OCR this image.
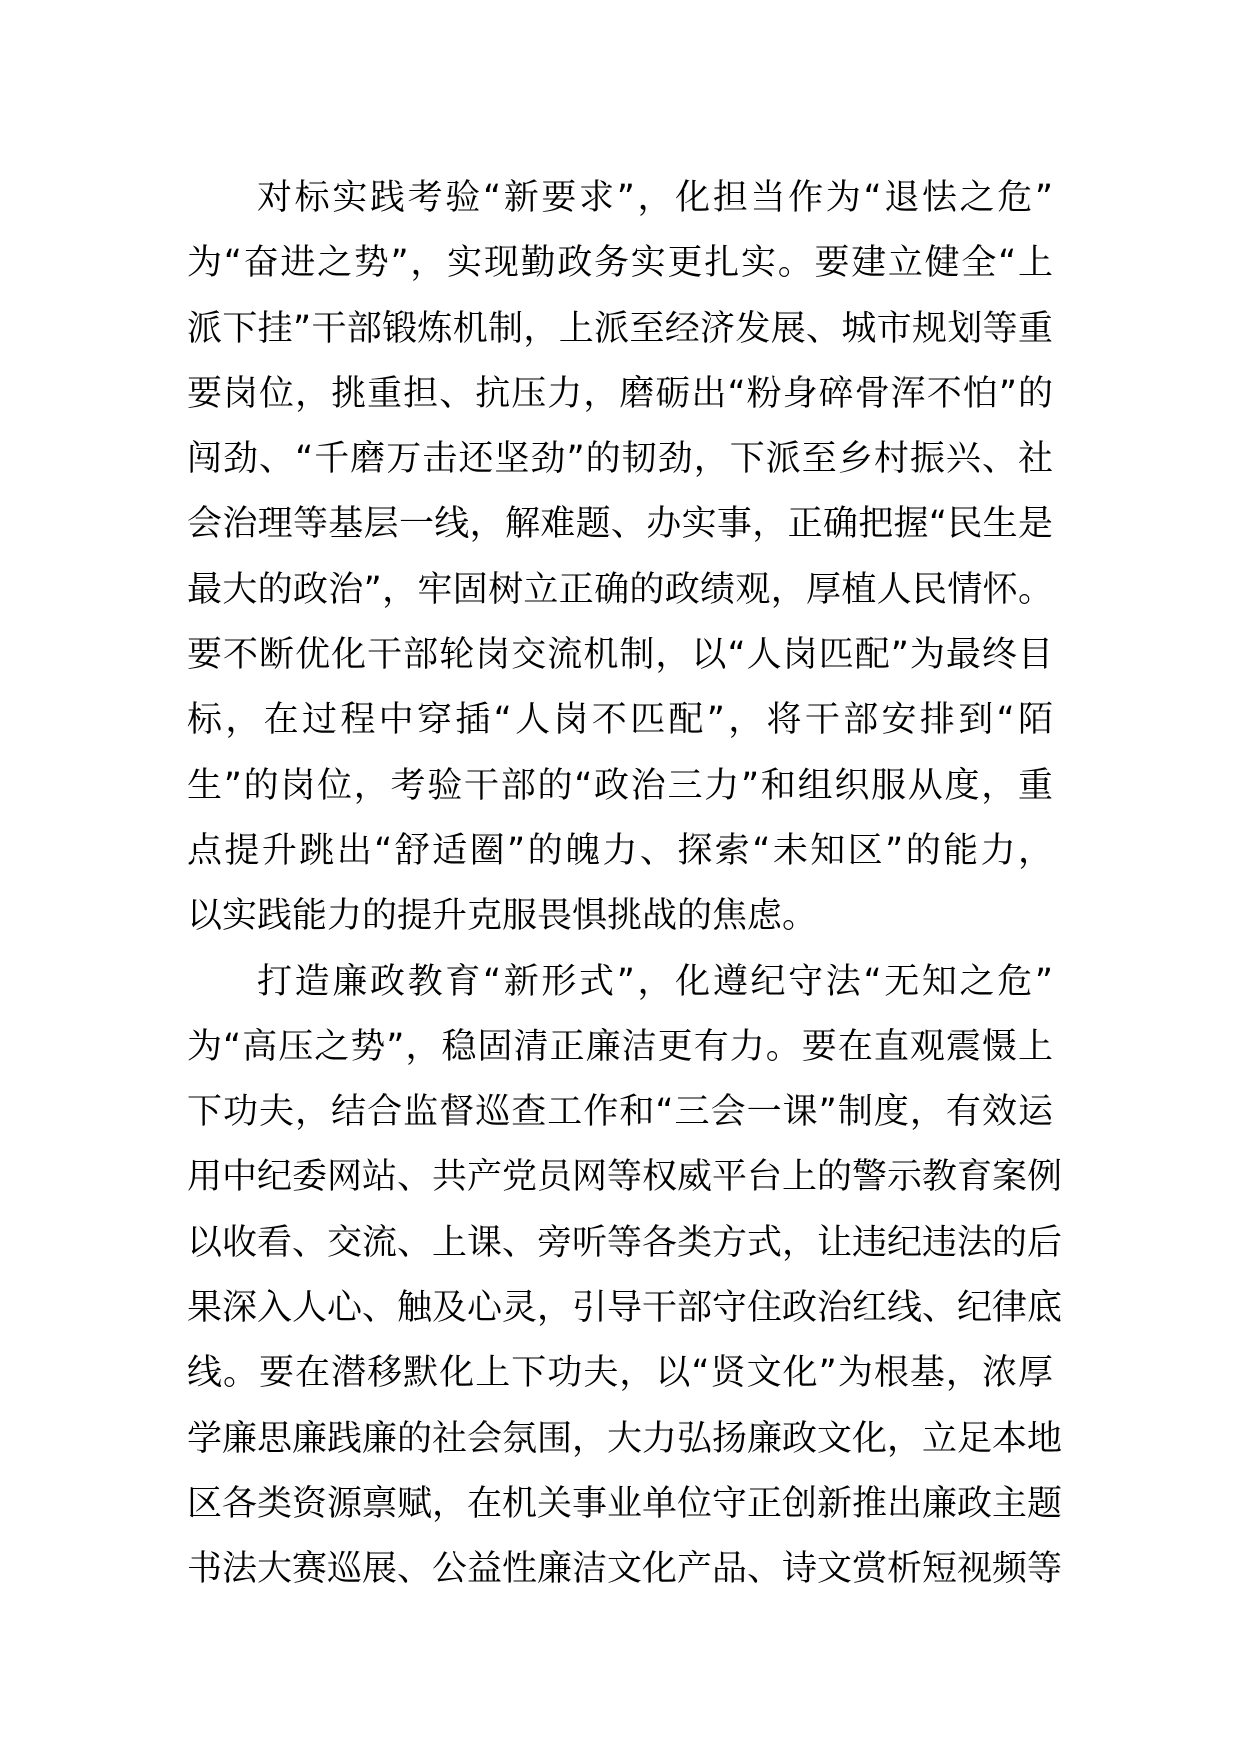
对标实践考验“新要求”，化担当作为“退怯之危”
为“奋进之势”，实现勤政务实更扎实。要建立健全“上
派下挂”干部锻炼机制，上派至经济发展、城市规划等重
要岗位，挑重担、抗压力，磨砺出“粉身碎骨浑不怕”的
闯劲、“千磨万击还坚劲”的韧劲，下派至乡村振兴、社
会治理等基层一线，解难题、办实事，正确把握“民生是
最大的政治”，牢固树立正确的政绩观，厚植人民情怀。
要不断优化干部轮岗交流机制，以“人岗匹配”为最终目
标，在过程中穿插“人岗不匹配”，将干部安排到“陌
生”的岗位，考验干部的“政治三力”和组织服从度，重
点提升跳出“舒适圈”的魄力、探索“未知区”的能力，
以实践能力的提升克服畏惧挑战的焦虑。
打造廉政教育“新形式”，化遵纪守法“无知之危”
为“高压之势”，稳固清正廉洁更有力。要在直观震慑上
下功夫，结合监督巡查工作和“三会一课”制度，有效运
用中纪委网站、共产党员网等权威平台上的警示教育案例
以收看、交流、上课、旁听等各类方式，让违纪违法的后
果深入人心、触及心灵，引导干部守住政治红线、纪律底
线。要在潜移默化上下功夫，以“贤文化”为根基，浓厚
学廉思廉践廉的社会氛围，大力弘扬廉政文化，立足本地
区各类资源禀赋，在机关事业单位守正创新推出廉政主题
书法大赛巡展、公益性廉洁文化产品、诗文赏析短视频等
